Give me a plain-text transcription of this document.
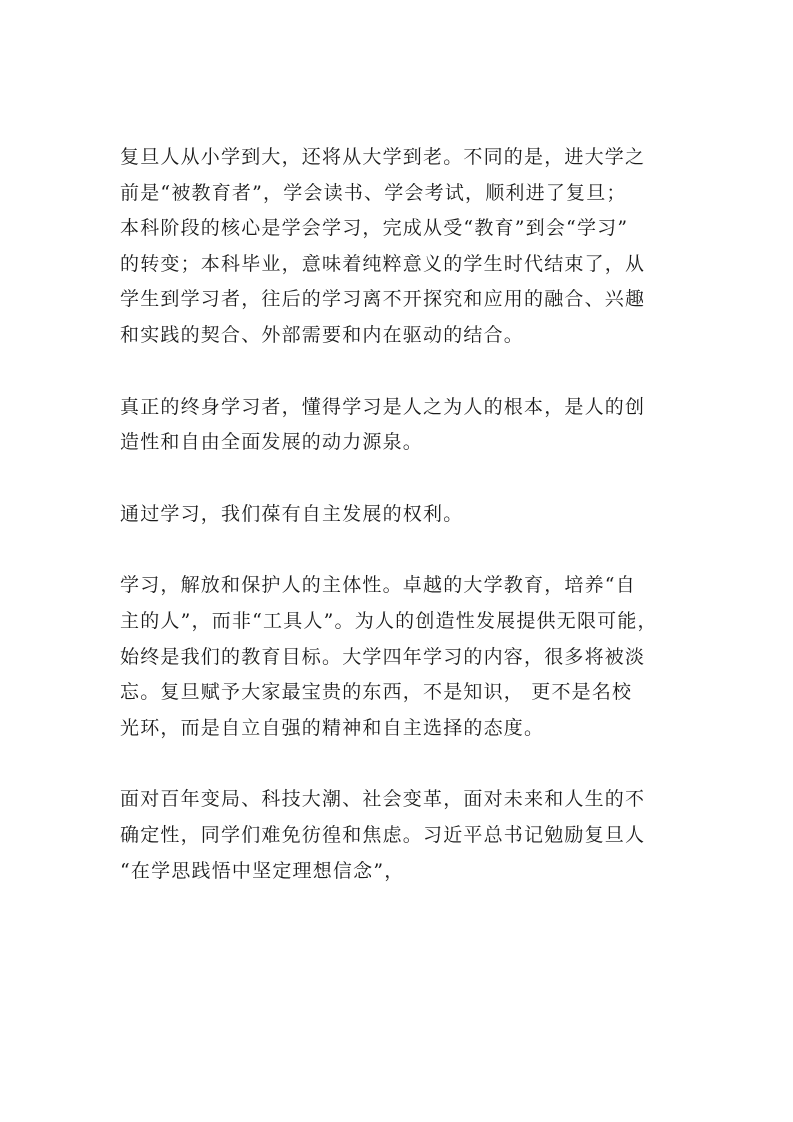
复旦人从小学到大，还将从大学到老。不同的是，进大学之
前是“被教育者”，学会读书、学会考试，顺利进了复旦；
本科阶段的核心是学会学习，完成从受“教育”到会“学习”
的转变；本科毕业，意味着纯粹意义的学生时代结束了，从
学生到学习者，往后的学习离不开探究和应用的融合、兴趣
和实践的契合、外部需要和内在驱动的结合。

真正的终身学习者，懂得学习是人之为人的根本，是人的创
造性和自由全面发展的动力源泉。

通过学习，我们葆有自主发展的权利。

学习，解放和保护人的主体性。卓越的大学教育，培养“自
主的人”，而非“工具人”。为人的创造性发展提供无限可能，
始终是我们的教育目标。大学四年学习的内容，很多将被淡
忘。复旦赋予大家最宝贵的东西，不是知识， 更不是名校
光环，而是自立自强的精神和自主选择的态度。

面对百年变局、科技大潮、社会变革，面对未来和人生的不
确定性，同学们难免彷徨和焦虑。习近平总书记勉励复旦人
“在学思践悟中坚定理想信念”，
